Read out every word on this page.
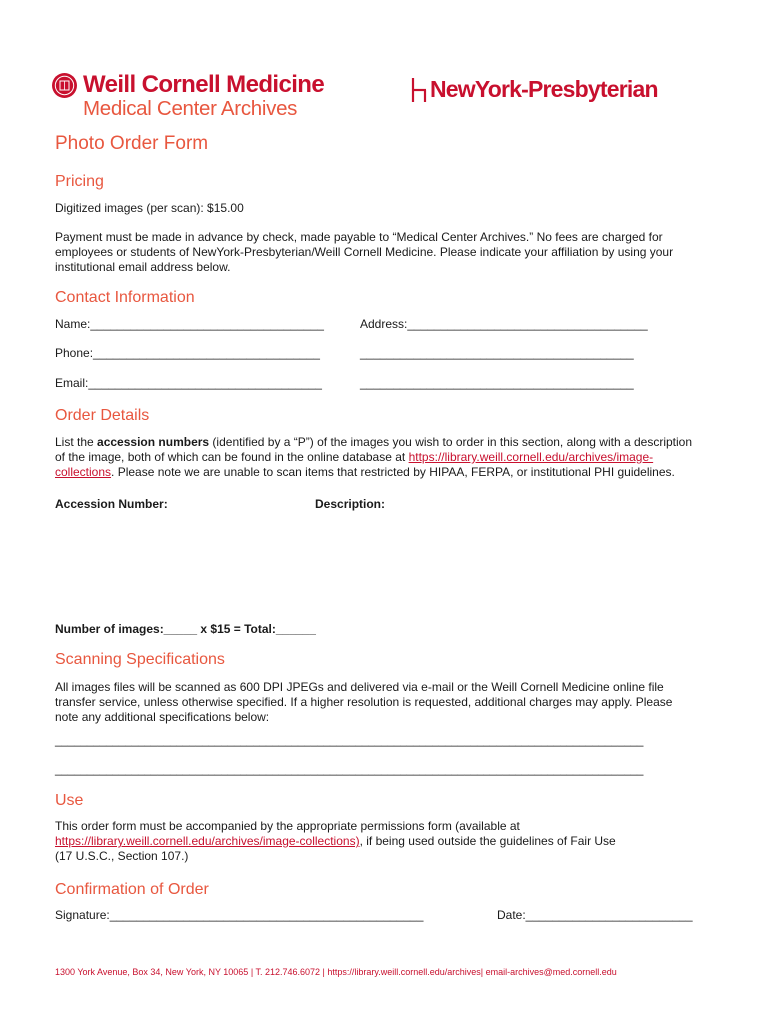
Weill Cornell Medicine
Medical Center Archives
NewYork-Presbyterian
Photo Order Form
Pricing
Digitized images (per scan): $15.00
Payment must be made in advance by check, made payable to “Medical Center Archives.” No fees are charged for
employees or students of NewYork-Presbyterian/Weill Cornell Medicine. Please indicate your affiliation by using your
institutional email address below.
Contact Information
Name:___________________________________	Address:____________________________________
Phone:__________________________________	_________________________________________
Email:___________________________________	_________________________________________
Order Details
List the accession numbers (identified by a “P”) of the images you wish to order in this section, along with a description
of the image, both of which can be found in the online database at https://library.weill.cornell.edu/archives/image-
collections. Please note we are unable to scan items that restricted by HIPAA, FERPA, or institutional PHI guidelines.
Accession Number:	Description:
Number of images:_____ x $15 = Total:______
Scanning Specifications
All images files will be scanned as 600 DPI JPEGs and delivered via e-mail or the Weill Cornell Medicine online file
transfer service, unless otherwise specified. If a higher resolution is requested, additional charges may apply. Please
note any additional specifications below:
____________________________________________________________________________________________
____________________________________________________________________________________________
Use
This order form must be accompanied by the appropriate permissions form (available at
https://library.weill.cornell.edu/archives/image-collections), if being used outside the guidelines of Fair Use
(17 U.S.C., Section 107.)
Confirmation of Order
Signature:_______________________________________________	Date:_________________________
1300 York Avenue, Box 34, New York, NY 10065 | T. 212.746.6072 | https://library.weill.cornell.edu/archives| email-archives@med.cornell.edu
